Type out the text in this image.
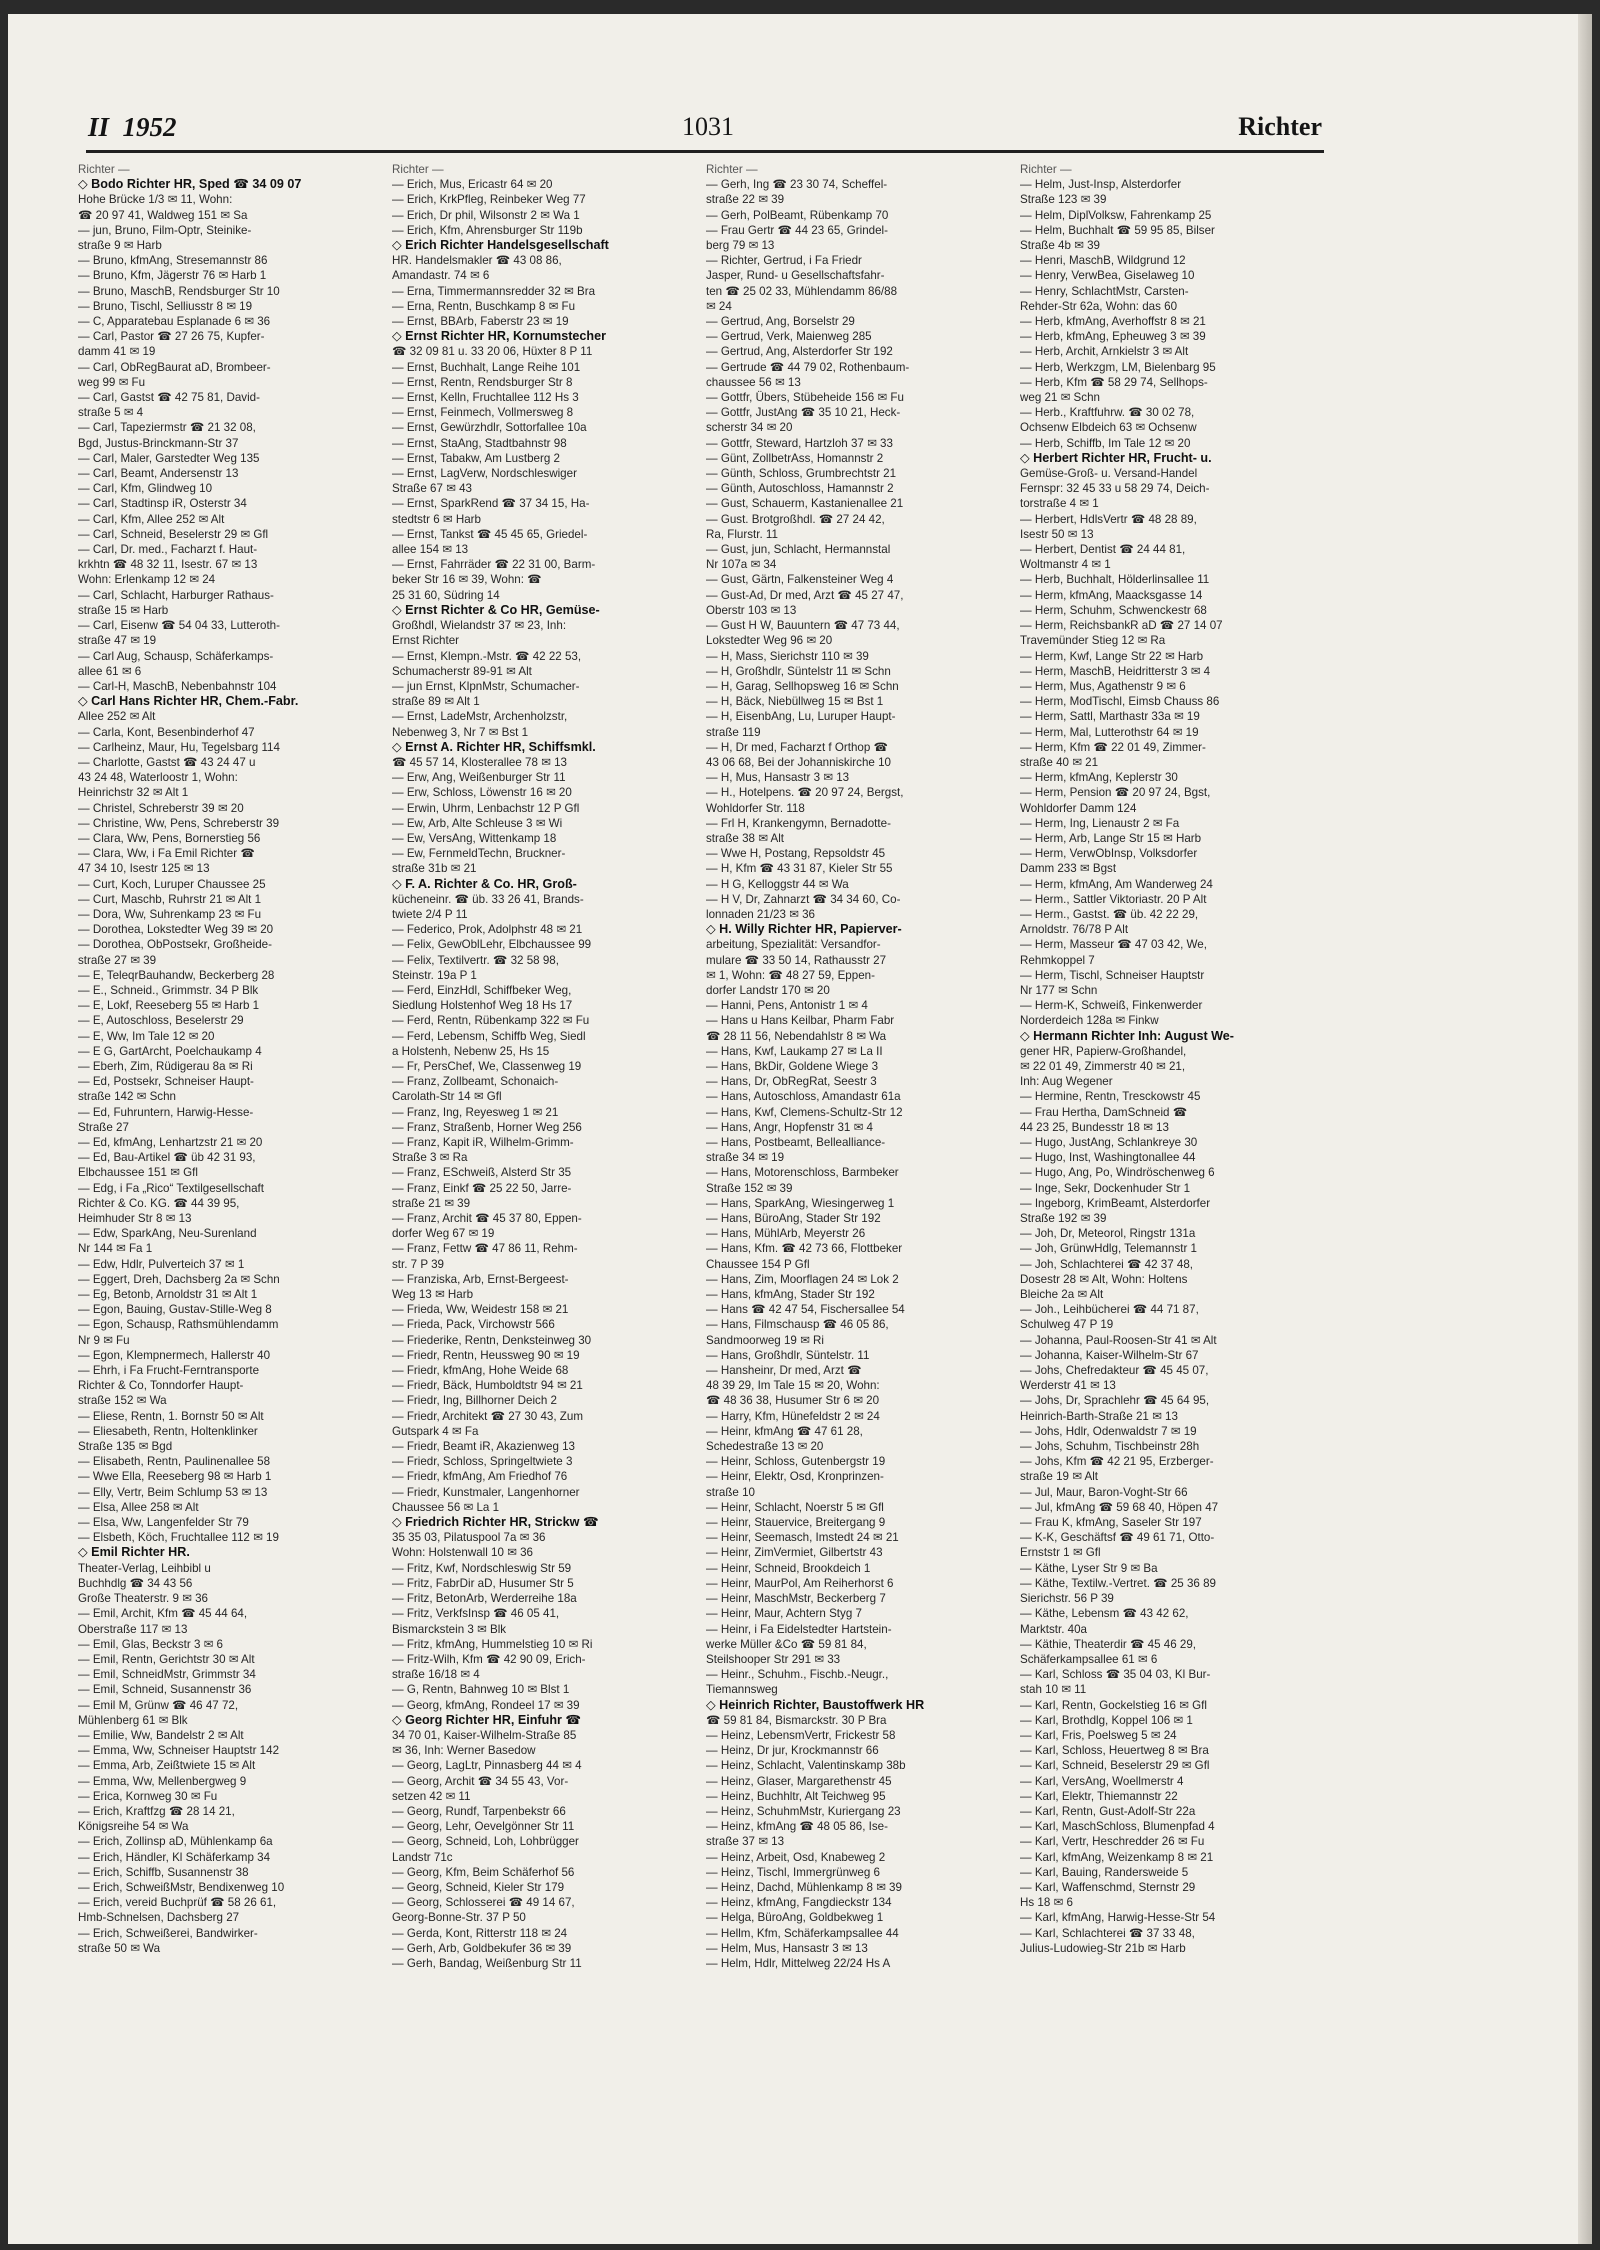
II 1952	1031	Richter
Richter —
◇ Bodo Richter HR, Sped ☎ 34 09 07
Hohe Brücke 1/3 ✉ 11, Wohn:
☎ 20 97 41, Waldweg 151 ✉ Sa
— jun, Bruno, Film-Optr, Steinike-
straße 9 ✉ Harb
— Bruno, kfmAng, Stresemannstr 86
— Bruno, Kfm, Jägerstr 76 ✉ Harb 1
— Bruno, MaschB, Rendsburger Str 10
— Bruno, Tischl, Selliusstr 8 ✉ 19
— C, Apparatebau Esplanade 6 ✉ 36
— Carl, Pastor ☎ 27 26 75, Kupfer-
damm 41 ✉ 19
— Carl, ObRegBaurat aD, Brombeer-
weg 99 ✉ Fu
— Carl, Gastst ☎ 42 75 81, David-
straße 5 ✉ 4
— Carl, Tapeziermstr ☎ 21 32 08,
Bgd, Justus-Brinckmann-Str 37
— Carl, Maler, Garstedter Weg 135
— Carl, Beamt, Andersenstr 13
— Carl, Kfm, Glindweg 10
— Carl, Stadtinsp iR, Osterstr 34
— Carl, Kfm, Allee 252 ✉ Alt
— Carl, Schneid, Beselerstr 29 ✉ Gfl
— Carl, Dr. med., Facharzt f. Haut-
krkhtn ☎ 48 32 11, Isestr. 67 ✉ 13
Wohn: Erlenkamp 12 ✉ 24
— Carl, Schlacht, Harburger Rathaus-
straße 15 ✉ Harb
— Carl, Eisenw ☎ 54 04 33, Lutteroth-
straße 47 ✉ 19
— Carl Aug, Schausp, Schäferkamps-
allee 61 ✉ 6
— Carl-H, MaschB, Nebenbahnstr 104
◇ Carl Hans Richter HR, Chem.-Fabr.
Allee 252 ✉ Alt
— Carla, Kont, Besenbinderhof 47
— Carlheinz, Maur, Hu, Tegelsbarg 114
— Charlotte, Gastst ☎ 43 24 47 u
43 24 48, Waterloostr 1, Wohn:
Heinrichstr 32 ✉ Alt 1
— Christel, Schreberstr 39 ✉ 20
— Christine, Ww, Pens, Schreberstr 39
— Clara, Ww, Pens, Bornerstieg 56
— Clara, Ww, i Fa Emil Richter ☎
47 34 10, Isestr 125 ✉ 13
— Curt, Koch, Luruper Chaussee 25
— Curt, Maschb, Ruhrstr 21 ✉ Alt 1
— Dora, Ww, Suhrenkamp 23 ✉ Fu
— Dorothea, Lokstedter Weg 39 ✉ 20
— Dorothea, ObPostsekr, Großheide-
straße 27 ✉ 39
— E, TeleqrBauhandw, Beckerberg 28
— E., Schneid., Grimmstr. 34 P Blk
— E, Lokf, Reeseberg 55 ✉ Harb 1
— E, Autoschloss, Beselerstr 29
— E, Ww, Im Tale 12 ✉ 20
— E G, GartArcht, Poelchaukamp 4
— Eberh, Zim, Rüdigerau 8a ✉ Ri
— Ed, Postsekr, Schneiser Haupt-
straße 142 ✉ Schn
— Ed, Fuhruntern, Harwig-Hesse-
Straße 27
— Ed, kfmAng, Lenhartzstr 21 ✉ 20
— Ed, Bau-Artikel ☎ üb 42 31 93,
Elbchaussee 151 ✉ Gfl
— Edg, i Fa „Rico“ Textilgesellschaft
Richter & Co. KG. ☎ 44 39 95,
Heimhuder Str 8 ✉ 13
— Edw, SparkAng, Neu-Surenland
Nr 144 ✉ Fa 1
— Edw, Hdlr, Pulverteich 37 ✉ 1
— Eggert, Dreh, Dachsberg 2a ✉ Schn
— Eg, Betonb, Arnoldstr 31 ✉ Alt 1
— Egon, Bauing, Gustav-Stille-Weg 8
— Egon, Schausp, Rathsmühlendamm
Nr 9 ✉ Fu
— Egon, Klempnermech, Hallerstr 40
— Ehrh, i Fa Frucht-Ferntransporte
Richter & Co, Tonndorfer Haupt-
straße 152 ✉ Wa
— Eliese, Rentn, 1. Bornstr 50 ✉ Alt
— Eliesabeth, Rentn, Holtenklinker
Straße 135 ✉ Bgd
— Elisabeth, Rentn, Paulinenallee 58
— Wwe Ella, Reeseberg 98 ✉ Harb 1
— Elly, Vertr, Beim Schlump 53 ✉ 13
— Elsa, Allee 258 ✉ Alt
— Elsa, Ww, Langenfelder Str 79
— Elsbeth, Köch, Fruchtallee 112 ✉ 19
◇ Emil Richter HR.
Theater-Verlag, Leihbibl u
Buchhdlg ☎ 34 43 56
Große Theaterstr. 9 ✉ 36
— Emil, Archit, Kfm ☎ 45 44 64,
Oberstraße 117 ✉ 13
— Emil, Glas, Beckstr 3 ✉ 6
— Emil, Rentn, Gerichtstr 30 ✉ Alt
— Emil, SchneidMstr, Grimmstr 34
— Emil, Schneid, Susannenstr 36
— Emil M, Grünw ☎ 46 47 72,
Mühlenberg 61 ✉ Blk
— Emilie, Ww, Bandelstr 2 ✉ Alt
— Emma, Ww, Schneiser Hauptstr 142
— Emma, Arb, Zeißtwiete 15 ✉ Alt
— Emma, Ww, Mellenbergweg 9
— Erica, Kornweg 30 ✉ Fu
— Erich, Kraftfzg ☎ 28 14 21,
Königsreihe 54 ✉ Wa
— Erich, Zollinsp aD, Mühlenkamp 6a
— Erich, Händler, Kl Schäferkamp 34
— Erich, Schiffb, Susannenstr 38
— Erich, SchweißMstr, Bendixenweg 10
— Erich, vereid Buchprüf ☎ 58 26 61,
Hmb-Schnelsen, Dachsberg 27
— Erich, Schweißerei, Bandwirker-
straße 50 ✉ Wa
Richter —
— Erich, Mus, Ericastr 64 ✉ 20
— Erich, KrkPfleg, Reinbeker Weg 77
— Erich, Dr phil, Wilsonstr 2 ✉ Wa 1
— Erich, Kfm, Ahrensburger Str 119b
◇ Erich Richter Handelsgesellschaft
HR. Handelsmakler ☎ 43 08 86,
Amandastr. 74 ✉ 6
— Erna, Timmermannsredder 32 ✉ Bra
— Erna, Rentn, Buschkamp 8 ✉ Fu
— Ernst, BBArb, Faberstr 23 ✉ 19
◇ Ernst Richter HR, Kornumstecher
☎ 32 09 81 u. 33 20 06, Hüxter 8 P 11
— Ernst, Buchhalt, Lange Reihe 101
— Ernst, Rentn, Rendsburger Str 8
— Ernst, Kelln, Fruchtallee 112 Hs 3
— Ernst, Feinmech, Vollmersweg 8
— Ernst, Gewürzhdlr, Sottorfallee 10a
— Ernst, StaAng, Stadtbahnstr 98
— Ernst, Tabakw, Am Lustberg 2
— Ernst, LagVerw, Nordschleswiger
Straße 67 ✉ 43
— Ernst, SparkRend ☎ 37 34 15, Ha-
stedtstr 6 ✉ Harb
— Ernst, Tankst ☎ 45 45 65, Griedel-
allee 154 ✉ 13
— Ernst, Fahrräder ☎ 22 31 00, Barm-
beker Str 16 ✉ 39, Wohn: ☎
25 31 60, Südring 14
◇ Ernst Richter & Co HR, Gemüse-
Großhdl, Wielandstr 37 ✉ 23, Inh:
Ernst Richter
— Ernst, Klempn.-Mstr. ☎ 42 22 53,
Schumacherstr 89-91 ✉ Alt
— jun Ernst, KlpnMstr, Schumacher-
straße 89 ✉ Alt 1
— Ernst, LadeMstr, Archenholzstr,
Nebenweg 3, Nr 7 ✉ Bst 1
◇ Ernst A. Richter HR, Schiffsmkl.
☎ 45 57 14, Klosterallee 78 ✉ 13
— Erw, Ang, Weißenburger Str 11
— Erw, Schloss, Löwenstr 16 ✉ 20
— Erwin, Uhrm, Lenbachstr 12 P Gfl
— Ew, Arb, Alte Schleuse 3 ✉ Wi
— Ew, VersAng, Wittenkamp 18
— Ew, FernmeldTechn, Bruckner-
straße 31b ✉ 21
◇ F. A. Richter & Co. HR, Groß-
kücheneinr. ☎ üb. 33 26 41, Brands-
twiete 2/4 P 11
— Federico, Prok, Adolphstr 48 ✉ 21
— Felix, GewOblLehr, Elbchaussee 99
— Felix, Textilvertr. ☎ 32 58 98,
Steinstr. 19a P 1
— Ferd, EinzHdl, Schiffbeker Weg,
Siedlung Holstenhof Weg 18 Hs 17
— Ferd, Rentn, Rübenkamp 322 ✉ Fu
— Ferd, Lebensm, Schiffb Weg, Siedl
a Holstenh, Nebenw 25, Hs 15
— Fr, PersChef, We, Classenweg 19
— Franz, Zollbeamt, Schonaich-
Carolath-Str 14 ✉ Gfl
— Franz, Ing, Reyesweg 1 ✉ 21
— Franz, Straßenb, Horner Weg 256
— Franz, Kapit iR, Wilhelm-Grimm-
Straße 3 ✉ Ra
— Franz, ESchweiß, Alsterd Str 35
— Franz, Einkf ☎ 25 22 50, Jarre-
straße 21 ✉ 39
— Franz, Archit ☎ 45 37 80, Eppen-
dorfer Weg 67 ✉ 19
— Franz, Fettw ☎ 47 86 11, Rehm-
str. 7 P 39
— Franziska, Arb, Ernst-Bergeest-
Weg 13 ✉ Harb
— Frieda, Ww, Weidestr 158 ✉ 21
— Frieda, Pack, Virchowstr 566
— Friederike, Rentn, Denksteinweg 30
— Friedr, Rentn, Heussweg 90 ✉ 19
— Friedr, kfmAng, Hohe Weide 68
— Friedr, Bäck, Humboldtstr 94 ✉ 21
— Friedr, Ing, Billhorner Deich 2
— Friedr, Architekt ☎ 27 30 43, Zum
Gutspark 4 ✉ Fa
— Friedr, Beamt iR, Akazienweg 13
— Friedr, Schloss, Springeltwiete 3
— Friedr, kfmAng, Am Friedhof 76
— Friedr, Kunstmaler, Langenhorner
Chaussee 56 ✉ La 1
◇ Friedrich Richter HR, Strickw ☎
35 35 03, Pilatuspool 7a ✉ 36
Wohn: Holstenwall 10 ✉ 36
— Fritz, Kwf, Nordschleswig Str 59
— Fritz, FabrDir aD, Husumer Str 5
— Fritz, BetonArb, Werderreihe 18a
— Fritz, VerkfsInsp ☎ 46 05 41,
Bismarckstein 3 ✉ Blk
— Fritz, kfmAng, Hummelstieg 10 ✉ Ri
— Fritz-Wilh, Kfm ☎ 42 90 09, Erich-
straße 16/18 ✉ 4
— G, Rentn, Bahnweg 10 ✉ Blst 1
— Georg, kfmAng, Rondeel 17 ✉ 39
◇ Georg Richter HR, Einfuhr ☎
34 70 01, Kaiser-Wilhelm-Straße 85
✉ 36, Inh: Werner Basedow
— Georg, LagLtr, Pinnasberg 44 ✉ 4
— Georg, Archit ☎ 34 55 43, Vor-
setzen 42 ✉ 11
— Georg, Rundf, Tarpenbekstr 66
— Georg, Lehr, Oevelgönner Str 11
— Georg, Schneid, Loh, Lohbrügger
Landstr 71c
— Georg, Kfm, Beim Schäferhof 56
— Georg, Schneid, Kieler Str 179
— Georg, Schlosserei ☎ 49 14 67,
Georg-Bonne-Str. 37 P 50
— Gerda, Kont, Ritterstr 118 ✉ 24
— Gerh, Arb, Goldbekufer 36 ✉ 39
— Gerh, Bandag, Weißenburg Str 11
Richter —
— Gerh, Ing ☎ 23 30 74, Scheffel-
straße 22 ✉ 39
— Gerh, PolBeamt, Rübenkamp 70
— Frau Gertr ☎ 44 23 65, Grindel-
berg 79 ✉ 13
— Richter, Gertrud, i Fa Friedr
Jasper, Rund- u Gesellschaftsfahr-
ten ☎ 25 02 33, Mühlendamm 86/88
✉ 24
— Gertrud, Ang, Borselstr 29
— Gertrud, Verk, Maienweg 285
— Gertrud, Ang, Alsterdorfer Str 192
— Gertrude ☎ 44 79 02, Rothenbaum-
chaussee 56 ✉ 13
— Gottfr, Übers, Stübeheide 156 ✉ Fu
— Gottfr, JustAng ☎ 35 10 21, Heck-
scherstr 34 ✉ 20
— Gottfr, Steward, Hartzloh 37 ✉ 33
— Günt, ZollbetrAss, Homannstr 2
— Günth, Schloss, Grumbrechtstr 21
— Günth, Autoschloss, Hamannstr 2
— Gust, Schauerm, Kastanienallee 21
— Gust. Brotgroßhdl. ☎ 27 24 42,
Ra, Flurstr. 11
— Gust, jun, Schlacht, Hermannstal
Nr 107a ✉ 34
— Gust, Gärtn, Falkensteiner Weg 4
— Gust-Ad, Dr med, Arzt ☎ 45 27 47,
Oberstr 103 ✉ 13
— Gust H W, Bauuntern ☎ 47 73 44,
Lokstedter Weg 96 ✉ 20
— H, Mass, Sierichstr 110 ✉ 39
— H, Großhdlr, Süntelstr 11 ✉ Schn
— H, Garag, Sellhopsweg 16 ✉ Schn
— H, Bäck, Niebüllweg 15 ✉ Bst 1
— H, EisenbAng, Lu, Luruper Haupt-
straße 119
— H, Dr med, Facharzt f Orthop ☎
43 06 68, Bei der Johanniskirche 10
— H, Mus, Hansastr 3 ✉ 13
— H., Hotelpens. ☎ 20 97 24, Bergst,
Wohldorfer Str. 118
— Frl H, Krankengymn, Bernadotte-
straße 38 ✉ Alt
— Wwe H, Postang, Repsoldstr 45
— H, Kfm ☎ 43 31 87, Kieler Str 55
— H G, Kelloggstr 44 ✉ Wa
— H V, Dr, Zahnarzt ☎ 34 34 60, Co-
lonnaden 21/23 ✉ 36
◇ H. Willy Richter HR, Papierver-
arbeitung, Spezialität: Versandfor-
mulare ☎ 33 50 14, Rathausstr 27
✉ 1, Wohn: ☎ 48 27 59, Eppen-
dorfer Landstr 170 ✉ 20
— Hanni, Pens, Antonistr 1 ✉ 4
— Hans u Hans Keilbar, Pharm Fabr
☎ 28 11 56, Nebendahlstr 8 ✉ Wa
— Hans, Kwf, Laukamp 27 ✉ La II
— Hans, BkDir, Goldene Wiege 3
— Hans, Dr, ObRegRat, Seestr 3
— Hans, Autoschloss, Amandastr 61a
— Hans, Kwf, Clemens-Schultz-Str 12
— Hans, Angr, Hopfenstr 31 ✉ 4
— Hans, Postbeamt, Bellealliance-
straße 34 ✉ 19
— Hans, Motorenschloss, Barmbeker
Straße 152 ✉ 39
— Hans, SparkAng, Wiesingerweg 1
— Hans, BüroAng, Stader Str 192
— Hans, MühlArb, Meyerstr 26
— Hans, Kfm. ☎ 42 73 66, Flottbeker
Chaussee 154 P Gfl
— Hans, Zim, Moorflagen 24 ✉ Lok 2
— Hans, kfmAng, Stader Str 192
— Hans ☎ 42 47 54, Fischersallee 54
— Hans, Filmschausp ☎ 46 05 86,
Sandmoorweg 19 ✉ Ri
— Hans, Großhdlr, Süntelstr. 11
— Hansheinr, Dr med, Arzt ☎
48 39 29, Im Tale 15 ✉ 20, Wohn:
☎ 48 36 38, Husumer Str 6 ✉ 20
— Harry, Kfm, Hünefeldstr 2 ✉ 24
— Heinr, kfmAng ☎ 47 61 28,
Schedestraße 13 ✉ 20
— Heinr, Schloss, Gutenbergstr 19
— Heinr, Elektr, Osd, Kronprinzen-
straße 10
— Heinr, Schlacht, Noerstr 5 ✉ Gfl
— Heinr, Stauervice, Breitergang 9
— Heinr, Seemasch, Imstedt 24 ✉ 21
— Heinr, ZimVermiet, Gilbertstr 43
— Heinr, Schneid, Brookdeich 1
— Heinr, MaurPol, Am Reiherhorst 6
— Heinr, MaschMstr, Beckerberg 7
— Heinr, Maur, Achtern Styg 7
— Heinr, i Fa Eidelstedter Hartstein-
werke Müller &Co ☎ 59 81 84,
Steilshooper Str 291 ✉ 33
— Heinr., Schuhm., Fischb.-Neugr.,
Tiemannsweg
◇ Heinrich Richter, Baustoffwerk HR
☎ 59 81 84, Bismarckstr. 30 P Bra
— Heinz, LebensmVertr, Frickestr 58
— Heinz, Dr jur, Krockmannstr 66
— Heinz, Schlacht, Valentinskamp 38b
— Heinz, Glaser, Margarethenstr 45
— Heinz, Buchhltr, Alt Teichweg 95
— Heinz, SchuhmMstr, Kuriergang 23
— Heinz, kfmAng ☎ 48 05 86, Ise-
straße 37 ✉ 13
— Heinz, Arbeit, Osd, Knabeweg 2
— Heinz, Tischl, Immergrünweg 6
— Heinz, Dachd, Mühlenkamp 8 ✉ 39
— Heinz, kfmAng, Fangdieckstr 134
— Helga, BüroAng, Goldbekweg 1
— Hellm, Kfm, Schäferkampsallee 44
— Helm, Mus, Hansastr 3 ✉ 13
— Helm, Hdlr, Mittelweg 22/24 Hs A
Richter —
— Helm, Just-Insp, Alsterdorfer
Straße 123 ✉ 39
— Helm, DiplVolksw, Fahrenkamp 25
— Helm, Buchhalt ☎ 59 95 85, Bilser
Straße 4b ✉ 39
— Henri, MaschB, Wildgrund 12
— Henry, VerwBea, Giselaweg 10
— Henry, SchlachtMstr, Carsten-
Rehder-Str 62a, Wohn: das 60
— Herb, kfmAng, Averhoffstr 8 ✉ 21
— Herb, kfmAng, Epheuweg 3 ✉ 39
— Herb, Archit, Arnkielstr 3 ✉ Alt
— Herb, Werkzgm, LM, Bielenbarg 95
— Herb, Kfm ☎ 58 29 74, Sellhops-
weg 21 ✉ Schn
— Herb., Kraftfuhrw. ☎ 30 02 78,
Ochsenw Elbdeich 63 ✉ Ochsenw
— Herb, Schiffb, Im Tale 12 ✉ 20
◇ Herbert Richter HR, Frucht- u.
Gemüse-Groß- u. Versand-Handel
Fernspr: 32 45 33 u 58 29 74, Deich-
torstraße 4 ✉ 1
— Herbert, HdlsVertr ☎ 48 28 89,
Isestr 50 ✉ 13
— Herbert, Dentist ☎ 24 44 81,
Woltmanstr 4 ✉ 1
— Herb, Buchhalt, Hölderlinsallee 11
— Herm, kfmAng, Maacksgasse 14
— Herm, Schuhm, Schwenckestr 68
— Herm, ReichsbankR aD ☎ 27 14 07
Travemünder Stieg 12 ✉ Ra
— Herm, Kwf, Lange Str 22 ✉ Harb
— Herm, MaschB, Heidritterstr 3 ✉ 4
— Herm, Mus, Agathenstr 9 ✉ 6
— Herm, ModTischl, Eimsb Chauss 86
— Herm, Sattl, Marthastr 33a ✉ 19
— Herm, Mal, Lutterothstr 64 ✉ 19
— Herm, Kfm ☎ 22 01 49, Zimmer-
straße 40 ✉ 21
— Herm, kfmAng, Keplerstr 30
— Herm, Pension ☎ 20 97 24, Bgst,
Wohldorfer Damm 124
— Herm, Ing, Lienaustr 2 ✉ Fa
— Herm, Arb, Lange Str 15 ✉ Harb
— Herm, VerwObInsp, Volksdorfer
Damm 233 ✉ Bgst
— Herm, kfmAng, Am Wanderweg 24
— Herm., Sattler Viktoriastr. 20 P Alt
— Herm., Gastst. ☎ üb. 42 22 29,
Arnoldstr. 76/78 P Alt
— Herm, Masseur ☎ 47 03 42, We,
Rehmkoppel 7
— Herm, Tischl, Schneiser Hauptstr
Nr 177 ✉ Schn
— Herm-K, Schweiß, Finkenwerder
Norderdeich 128a ✉ Finkw
◇ Hermann Richter Inh: August We-
gener HR, Papierw-Großhandel,
✉ 22 01 49, Zimmerstr 40 ✉ 21,
Inh: Aug Wegener
— Hermine, Rentn, Tresckowstr 45
— Frau Hertha, DamSchneid ☎
44 23 25, Bundesstr 18 ✉ 13
— Hugo, JustAng, Schlankreye 30
— Hugo, Inst, Washingtonallee 44
— Hugo, Ang, Po, Windröschenweg 6
— Inge, Sekr, Dockenhuder Str 1
— Ingeborg, KrimBeamt, Alsterdorfer
Straße 192 ✉ 39
— Joh, Dr, Meteorol, Ringstr 131a
— Joh, GrünwHdlg, Telemannstr 1
— Joh, Schlachterei ☎ 42 37 48,
Dosestr 28 ✉ Alt, Wohn: Holtens
Bleiche 2a ✉ Alt
— Joh., Leihbücherei ☎ 44 71 87,
Schulweg 47 P 19
— Johanna, Paul-Roosen-Str 41 ✉ Alt
— Johanna, Kaiser-Wilhelm-Str 67
— Johs, Chefredakteur ☎ 45 45 07,
Werderstr 41 ✉ 13
— Johs, Dr, Sprachlehr ☎ 45 64 95,
Heinrich-Barth-Straße 21 ✉ 13
— Johs, Hdlr, Odenwaldstr 7 ✉ 19
— Johs, Schuhm, Tischbeinstr 28h
— Johs, Kfm ☎ 42 21 95, Erzberger-
straße 19 ✉ Alt
— Jul, Maur, Baron-Voght-Str 66
— Jul, kfmAng ☎ 59 68 40, Höpen 47
— Frau K, kfmAng, Saseler Str 197
— K-K, Geschäftsf ☎ 49 61 71, Otto-
Ernststr 1 ✉ Gfl
— Käthe, Lyser Str 9 ✉ Ba
— Käthe, Textilw.-Vertret. ☎ 25 36 89
Sierichstr. 56 P 39
— Käthe, Lebensm ☎ 43 42 62,
Marktstr. 40a
— Käthie, Theaterdir ☎ 45 46 29,
Schäferkampsallee 61 ✉ 6
— Karl, Schloss ☎ 35 04 03, Kl Bur-
stah 10 ✉ 11
— Karl, Rentn, Gockelstieg 16 ✉ Gfl
— Karl, Brothdlg, Koppel 106 ✉ 1
— Karl, Fris, Poelsweg 5 ✉ 24
— Karl, Schloss, Heuertweg 8 ✉ Bra
— Karl, Schneid, Beselerstr 29 ✉ Gfl
— Karl, VersAng, Woellmerstr 4
— Karl, Elektr, Thiemannstr 22
— Karl, Rentn, Gust-Adolf-Str 22a
— Karl, MaschSchloss, Blumenpfad 4
— Karl, Vertr, Heschredder 26 ✉ Fu
— Karl, kfmAng, Weizenkamp 8 ✉ 21
— Karl, Bauing, Randersweide 5
— Karl, Waffenschmd, Sternstr 29
Hs 18 ✉ 6
— Karl, kfmAng, Harwig-Hesse-Str 54
— Karl, Schlachterei ☎ 37 33 48,
Julius-Ludowieg-Str 21b ✉ Harb
